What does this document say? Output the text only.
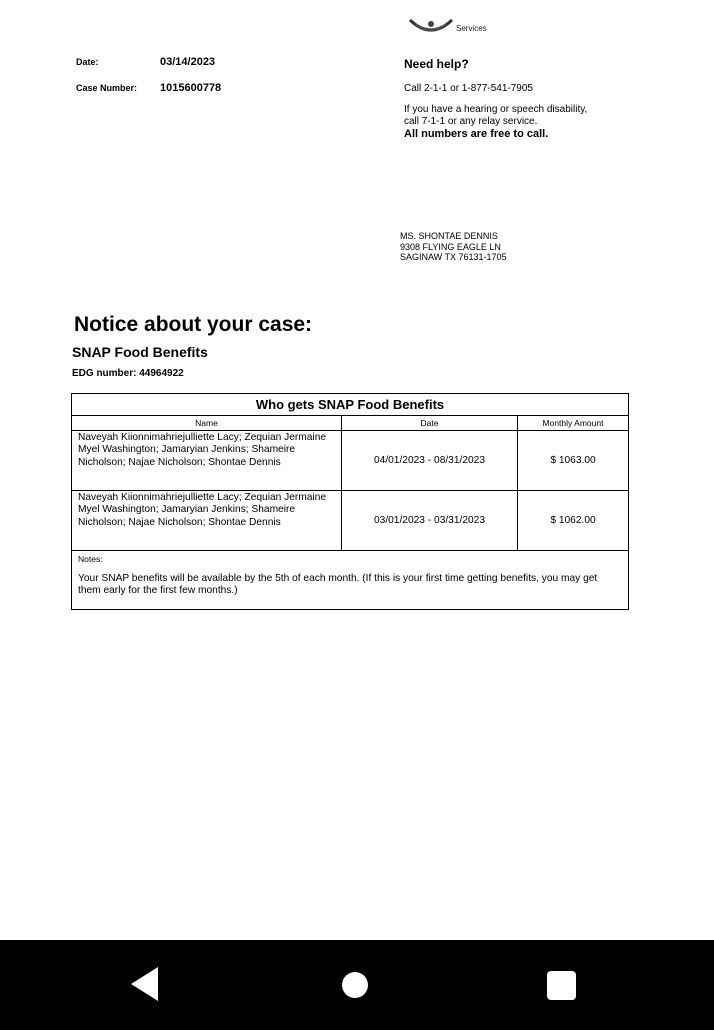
Services
Date:	03/14/2023
Case Number: 1015600778
Need help?
Call 2-1-1 or 1-877-541-7905
If you have a hearing or speech disability,
call 7-1-1 or any relay service.
All numbers are free to call.
MS. SHONTAE DENNIS
9308 FLYING EAGLE LN
SAGINAW TX 76131-1705
Notice about your case:
SNAP Food Benefits
EDG number: 44964922
Who gets SNAP Food Benefits		
Name	Date	Monthly Amount
Naveyah Kiionnimahriejulliette Lacy; Zequian Jermaine Myel Washington; Jamaryian Jenkins; Shameire Nicholson; Najae Nicholson; Shontae Dennis	04/01/2023 - 08/31/2023	$ 1063.00
Naveyah Kiionnimahriejulliette Lacy; Zequian Jermaine Myel Washington; Jamaryian Jenkins; Shameire Nicholson; Najae Nicholson; Shontae Dennis	03/01/2023 - 03/31/2023	$ 1062.00

Notes:
Your SNAP benefits will be available by the 5th of each month. (If this is your first time getting benefits, you may get them early for the first few months.)		
